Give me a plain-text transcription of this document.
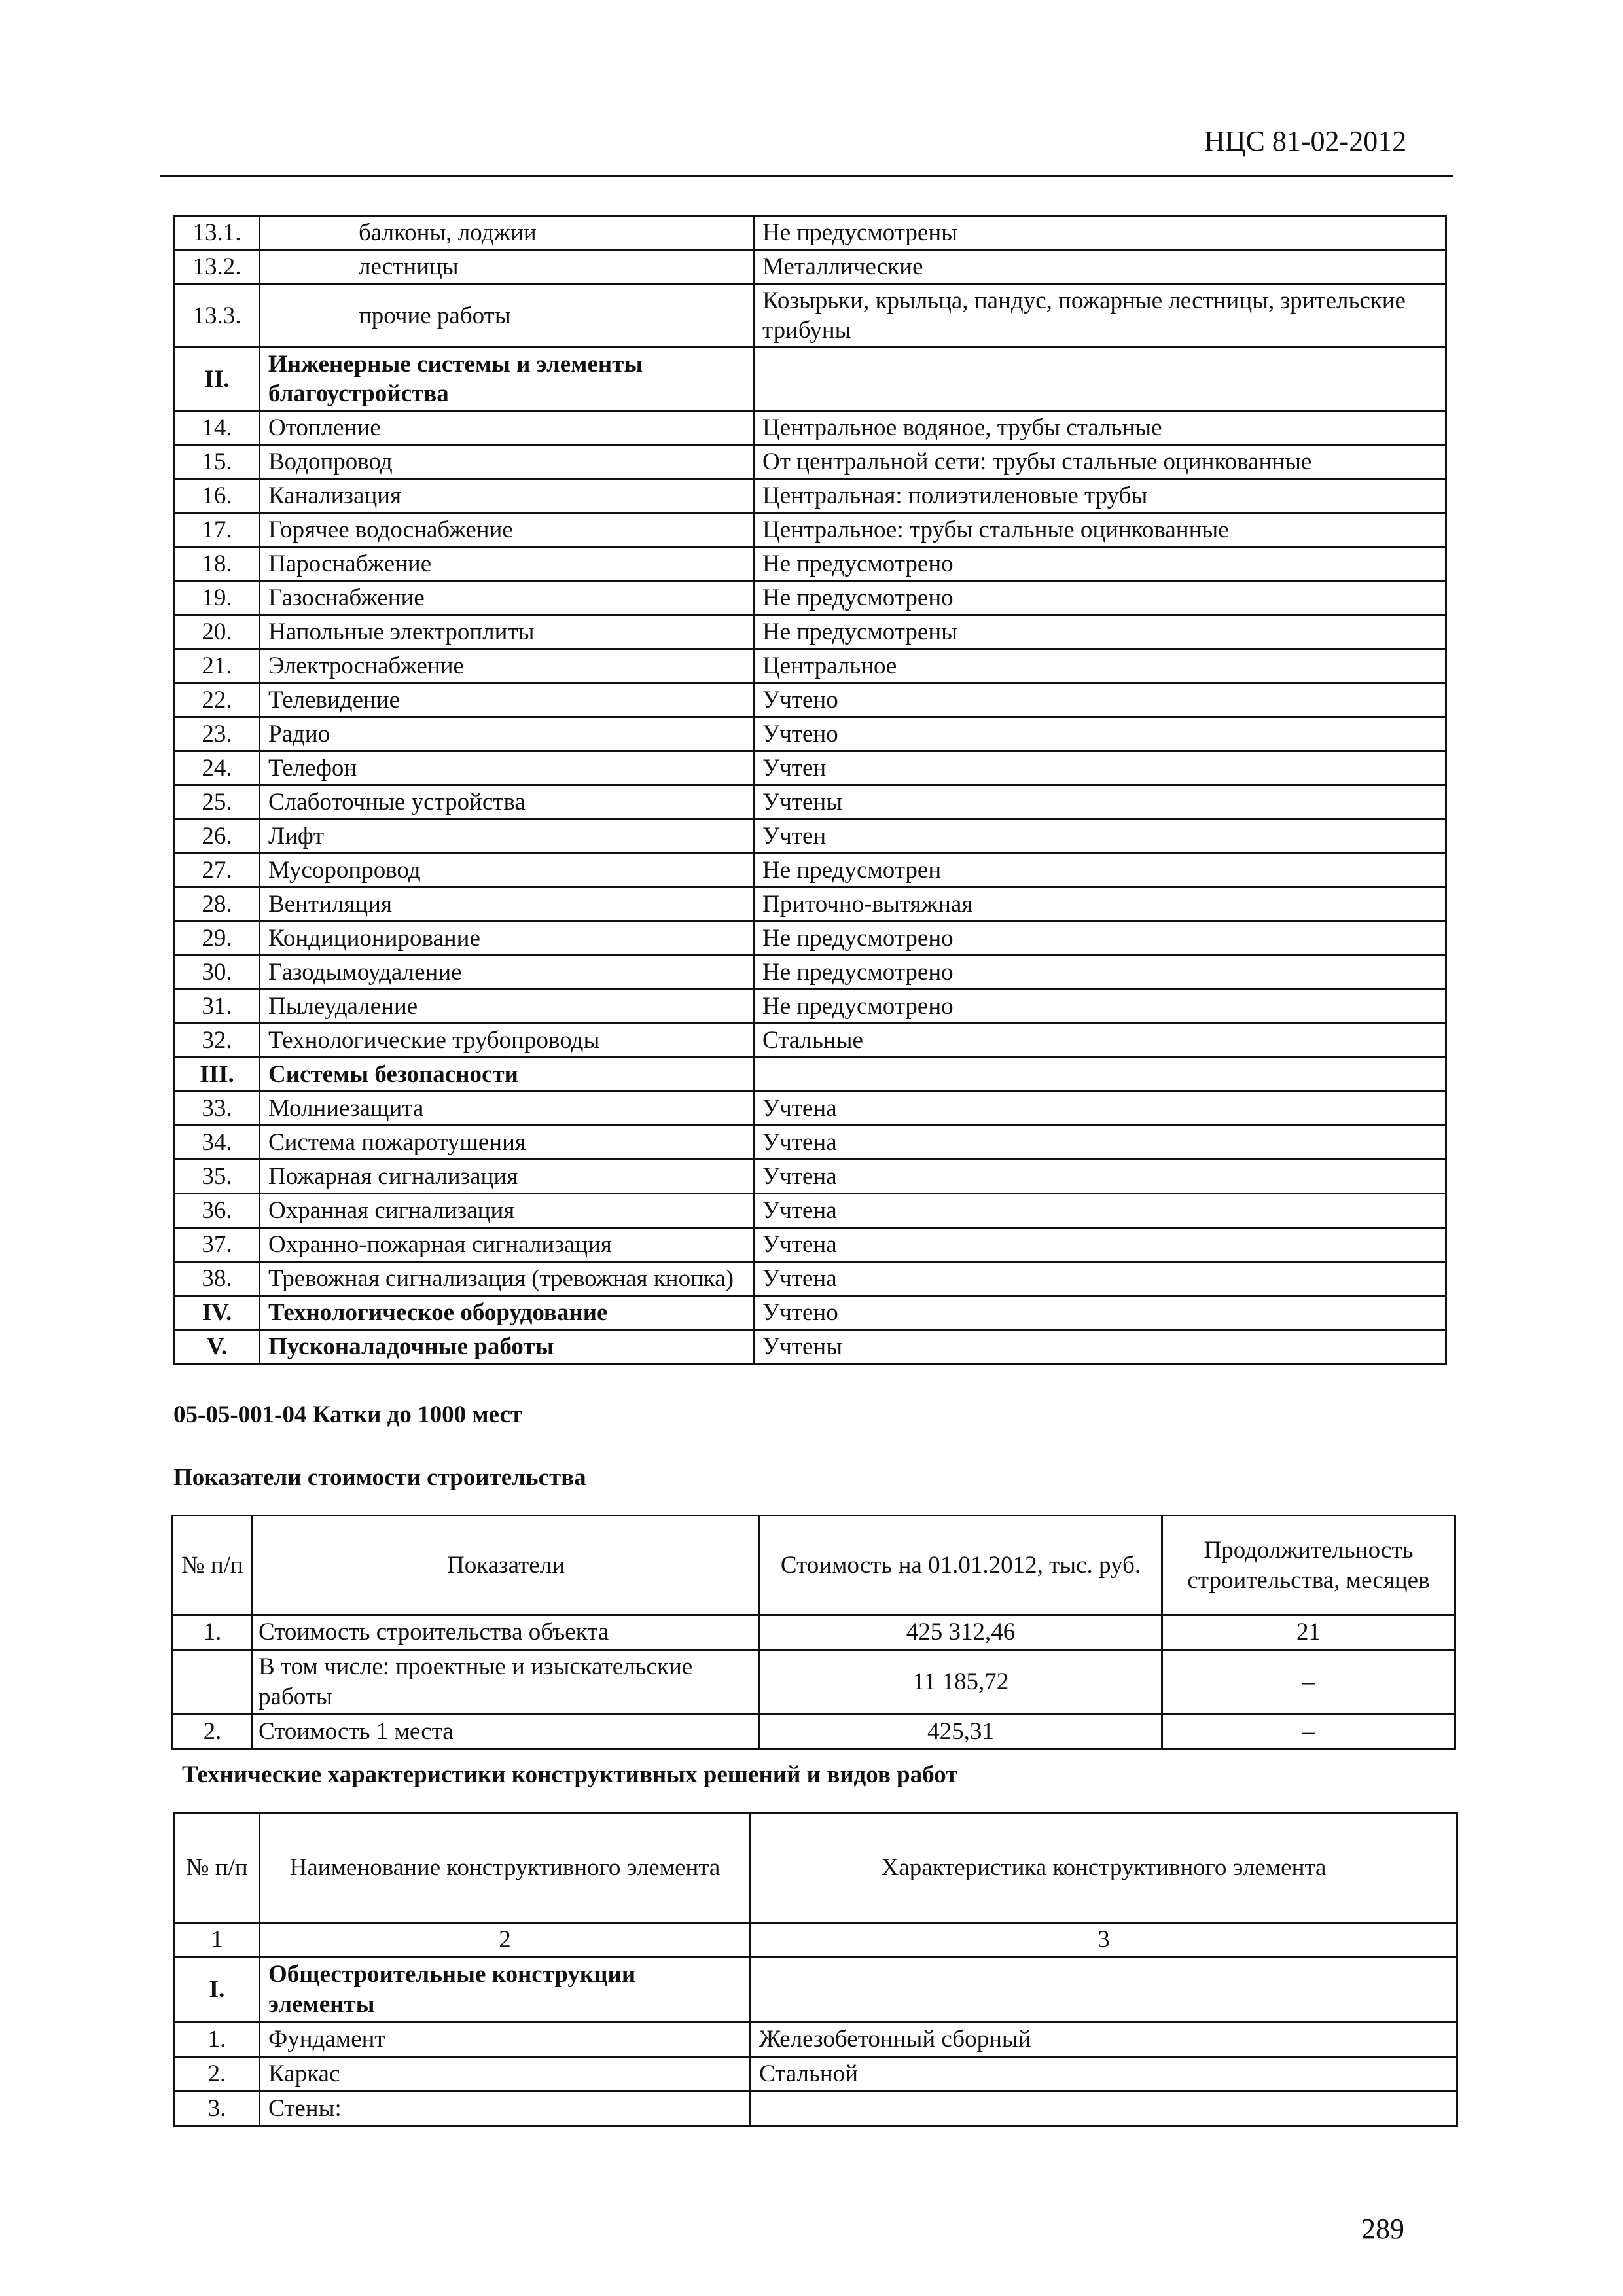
НЦС 81-02-2012
13.1.	балконы, лоджии	Не предусмотрены
13.2.	лестницы	Металлические
13.3.	прочие работы	Козырьки, крыльца, пандус, пожарные лестницы, зрительские трибуны
II.	Инженерные системы и элементы благоустройства	
14.	Отопление	Центральное водяное, трубы стальные
15.	Водопровод	От центральной сети: трубы стальные оцинкованные
16.	Канализация	Центральная: полиэтиленовые трубы
17.	Горячее водоснабжение	Центральное: трубы стальные оцинкованные
18.	Пароснабжение	Не предусмотрено
19.	Газоснабжение	Не предусмотрено
20.	Напольные электроплиты	Не предусмотрены
21.	Электроснабжение	Центральное
22.	Телевидение	Учтено
23.	Радио	Учтено
24.	Телефон	Учтен
25.	Слаботочные устройства	Учтены
26.	Лифт	Учтен
27.	Мусоропровод	Не предусмотрен
28.	Вентиляция	Приточно-вытяжная
29.	Кондиционирование	Не предусмотрено
30.	Газодымоудаление	Не предусмотрено
31.	Пылеудаление	Не предусмотрено
32.	Технологические трубопроводы	Стальные
III.	Системы безопасности	
33.	Молниезащита	Учтена
34.	Система пожаротушения	Учтена
35.	Пожарная сигнализация	Учтена
36.	Охранная сигнализация	Учтена
37.	Охранно-пожарная сигнализация	Учтена
38.	Тревожная сигнализация (тревожная кнопка)	Учтена
IV.	Технологическое оборудование	Учтено
V.	Пусконаладочные работы	Учтены
05-05-001-04 Катки до 1000 мест
Показатели стоимости строительства
№ п/п	Показатели	Стоимость на 01.01.2012, тыс. руб.	Продолжительность строительства, месяцев
1.	Стоимость строительства объекта	425 312,46	21
	В том числе: проектные и изыскательские работы	11 185,72	–
2.	Стоимость 1 места	425,31	–
Технические характеристики конструктивных решений и видов работ
№ п/п	Наименование конструктивного элемента	Характеристика конструктивного элемента
1	2	3
I.	Общестроительные конструкции элементы	
1.	Фундамент	Железобетонный сборный
2.	Каркас	Стальной
3.	Стены:	
289
